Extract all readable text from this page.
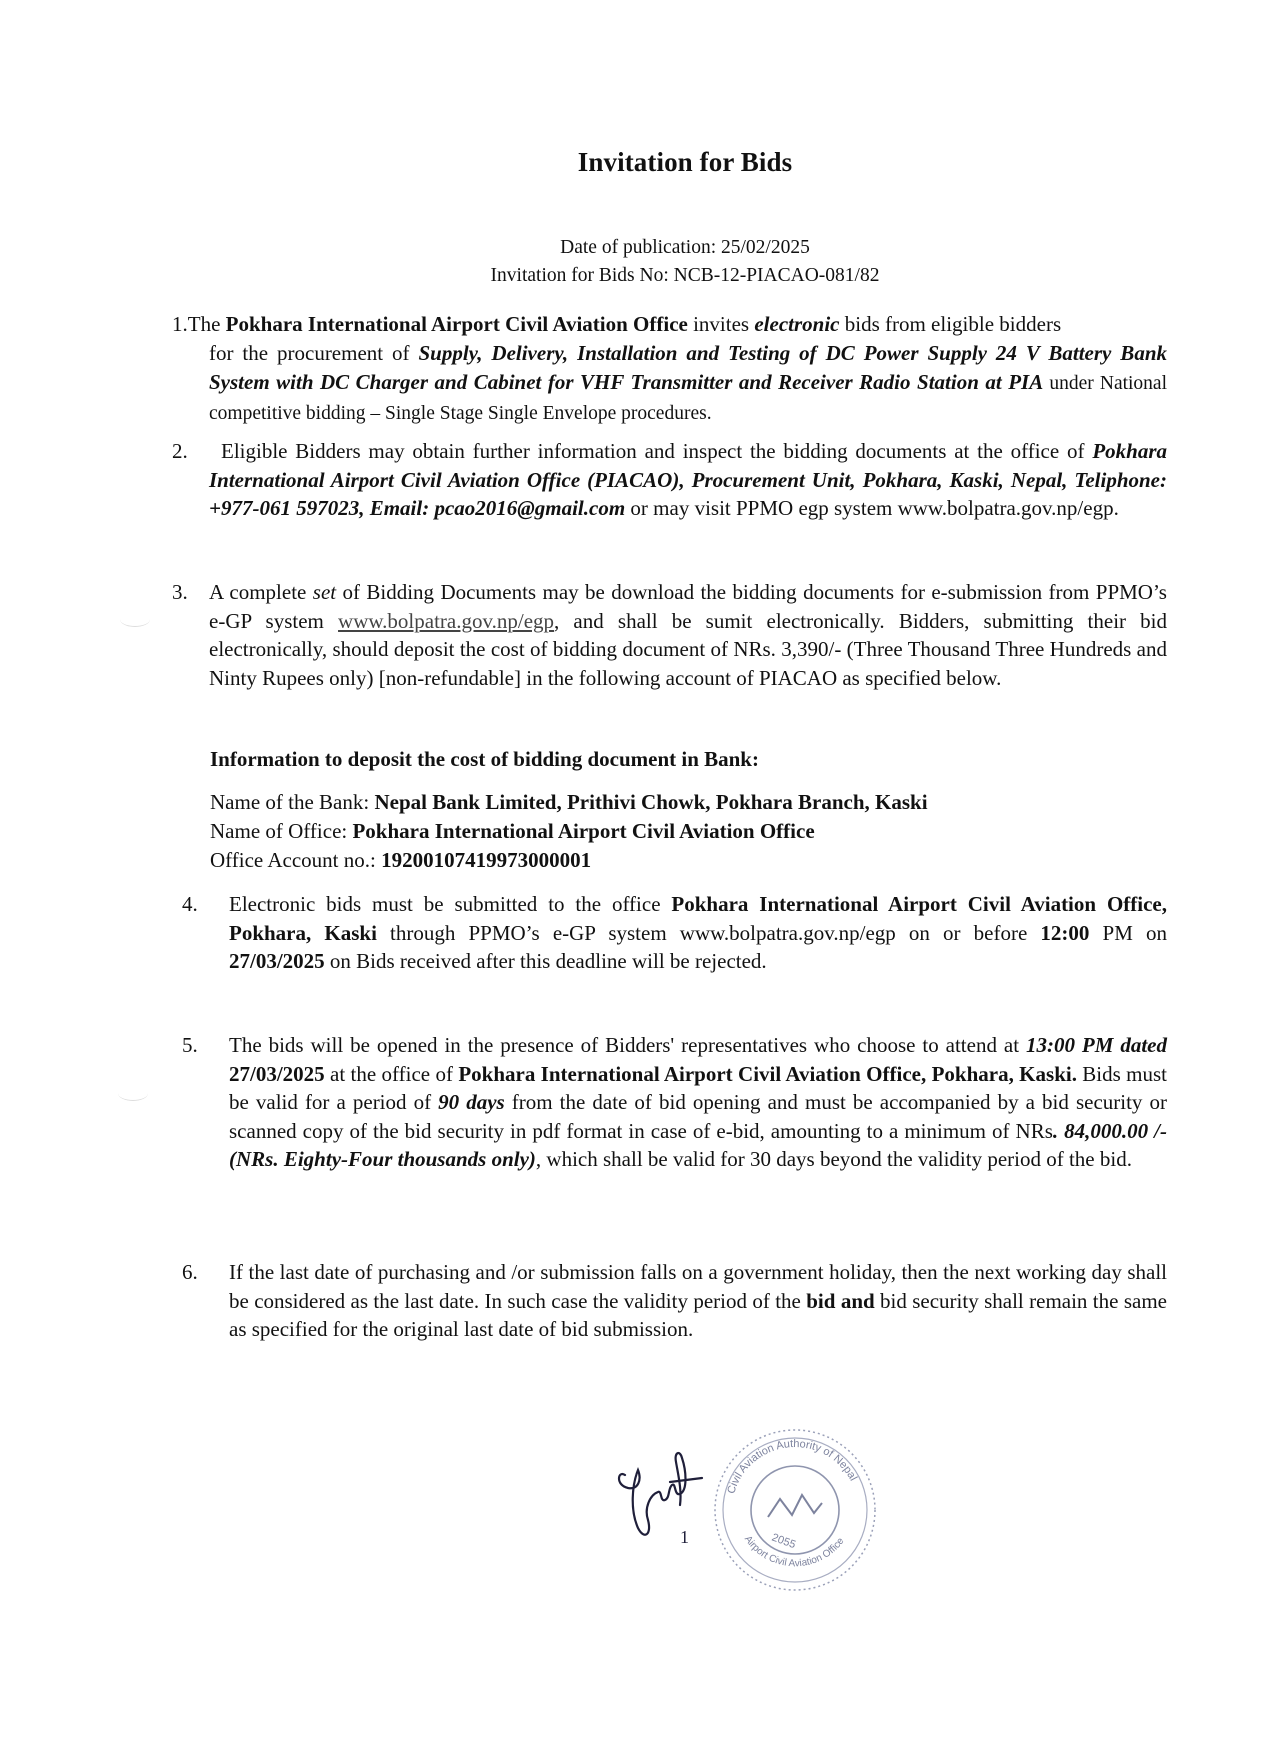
Invitation for Bids
Date of publication: 25/02/2025
Invitation for Bids No: NCB-12-PIACAO-081/82
1.The Pokhara International Airport Civil Aviation Office invites electronic bids from eligible bidders
for the procurement of Supply, Delivery, Installation and Testing of DC Power Supply 24 V Battery Bank System with DC Charger and Cabinet for VHF Transmitter and Receiver Radio Station at PIA under National competitive bidding – Single Stage Single Envelope procedures.
2.	Eligible Bidders may obtain further information and inspect the bidding documents at the office of Pokhara International Airport Civil Aviation Office (PIACAO), Procurement Unit, Pokhara, Kaski, Nepal, Teliphone: +977-061 597023, Email: pcao2016@gmail.com or may visit PPMO egp system www.bolpatra.gov.np/egp.
3. A complete set of Bidding Documents may be download the bidding documents for e-submission from PPMO’s e-GP system www.bolpatra.gov.np/egp, and shall be sumit electronically. Bidders, submitting their bid electronically, should deposit the cost of bidding document of NRs. 3,390/- (Three Thousand Three Hundreds and Ninty Rupees only) [non-refundable] in the following account of PIACAO as specified below.
Information to deposit the cost of bidding document in Bank:
Name of the Bank: Nepal Bank Limited, Prithivi Chowk, Pokhara Branch, Kaski
Name of Office: Pokhara International Airport Civil Aviation Office
Office Account no.: 19200107419973000001
4. Electronic bids must be submitted to the office Pokhara International Airport Civil Aviation Office, Pokhara, Kaski through PPMO’s e-GP system www.bolpatra.gov.np/egp on or before 12:00 PM on 27/03/2025 on Bids received after this deadline will be rejected.
5. The bids will be opened in the presence of Bidders' representatives who choose to attend at 13:00 PM dated 27/03/2025 at the office of Pokhara International Airport Civil Aviation Office, Pokhara, Kaski. Bids must be valid for a period of 90 days from the date of bid opening and must be accompanied by a bid security or scanned copy of the bid security in pdf format in case of e-bid, amounting to a minimum of NRs. 84,000.00 /- (NRs. Eighty-Four thousands only), which shall be valid for 30 days beyond the validity period of the bid.
6. If the last date of purchasing and /or submission falls on a government holiday, then the next working day shall be considered as the last date. In such case the validity period of the bid and bid security shall remain the same as specified for the original last date of bid submission.
1
Civil Aviation Authority of Nepal
Airport Civil Aviation Office
2055
